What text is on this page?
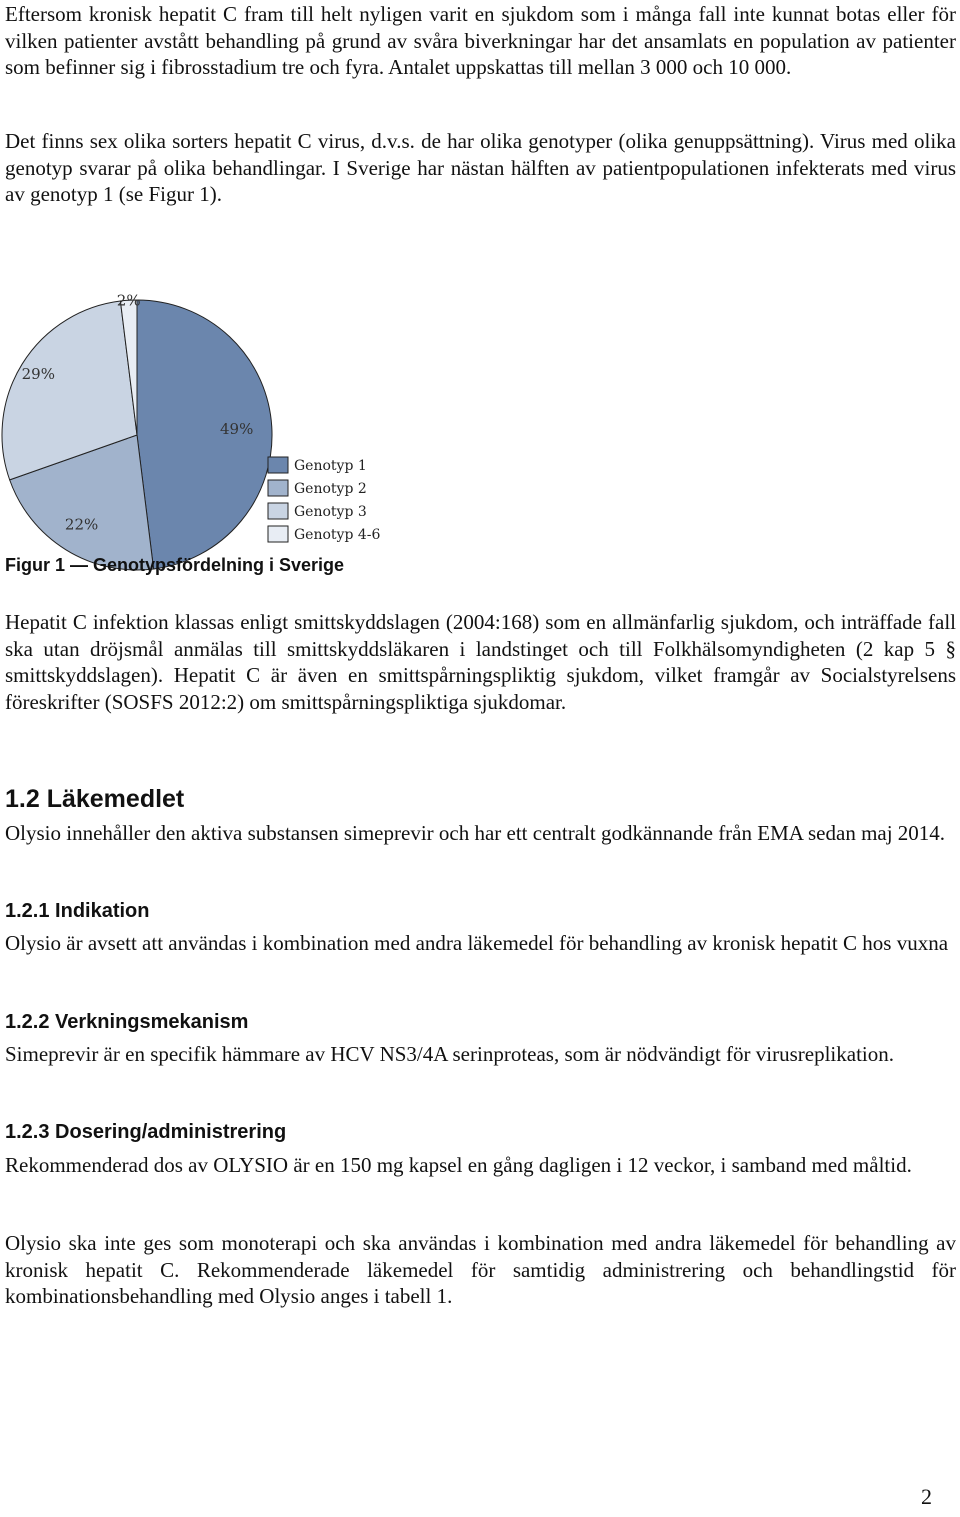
Eftersom kronisk hepatit C fram till helt nyligen varit en sjukdom som i många fall inte kunnat botas eller för vilken patienter avstått behandling på grund av svåra biverkningar har det ansamlats en population av patienter som befinner sig i fibrosstadium tre och fyra. Antalet uppskattas till mellan 3 000 och 10 000.

Det finns sex olika sorters hepatit C virus, d.v.s. de har olika genotyper (olika genuppsättning). Virus med olika genotyp svarar på olika behandlingar. I Sverige har nästan hälften av patientpopulationen infekterats med virus av genotyp 1 (se Figur 1).

49%
22%
29%
2%
Genotyp 1
Genotyp 2
Genotyp 3
Genotyp 4-6
Figur 1 — Genotypsfördelning i Sverige

Hepatit C infektion klassas enligt smittskyddslagen (2004:168) som en allmänfarlig sjukdom, och inträffade fall ska utan dröjsmål anmälas till smittskyddsläkaren i landstinget och till Folkhälsomyndigheten (2 kap 5 § smittskyddslagen). Hepatit C är även en smittspårningspliktig sjukdom, vilket framgår av Socialstyrelsens föreskrifter (SOSFS 2012:2) om smittspårningspliktiga sjukdomar.

1.2 Läkemedlet

Olysio innehåller den aktiva substansen simeprevir och har ett centralt godkännande från EMA sedan maj 2014.

1.2.1 Indikation

Olysio är avsett att användas i kombination med andra läkemedel för behandling av kronisk hepatit C hos vuxna

1.2.2 Verkningsmekanism

Simeprevir är en specifik hämmare av HCV NS3/4A serinproteas, som är nödvändigt för virusreplikation.

1.2.3 Dosering/administrering

Rekommenderad dos av OLYSIO är en 150 mg kapsel en gång dagligen i 12 veckor, i samband med måltid.

Olysio ska inte ges som monoterapi och ska användas i kombination med andra läkemedel för behandling av kronisk hepatit C. Rekommenderade läkemedel för samtidig administrering och behandlingstid för kombinationsbehandling med Olysio anges i tabell 1.

2
